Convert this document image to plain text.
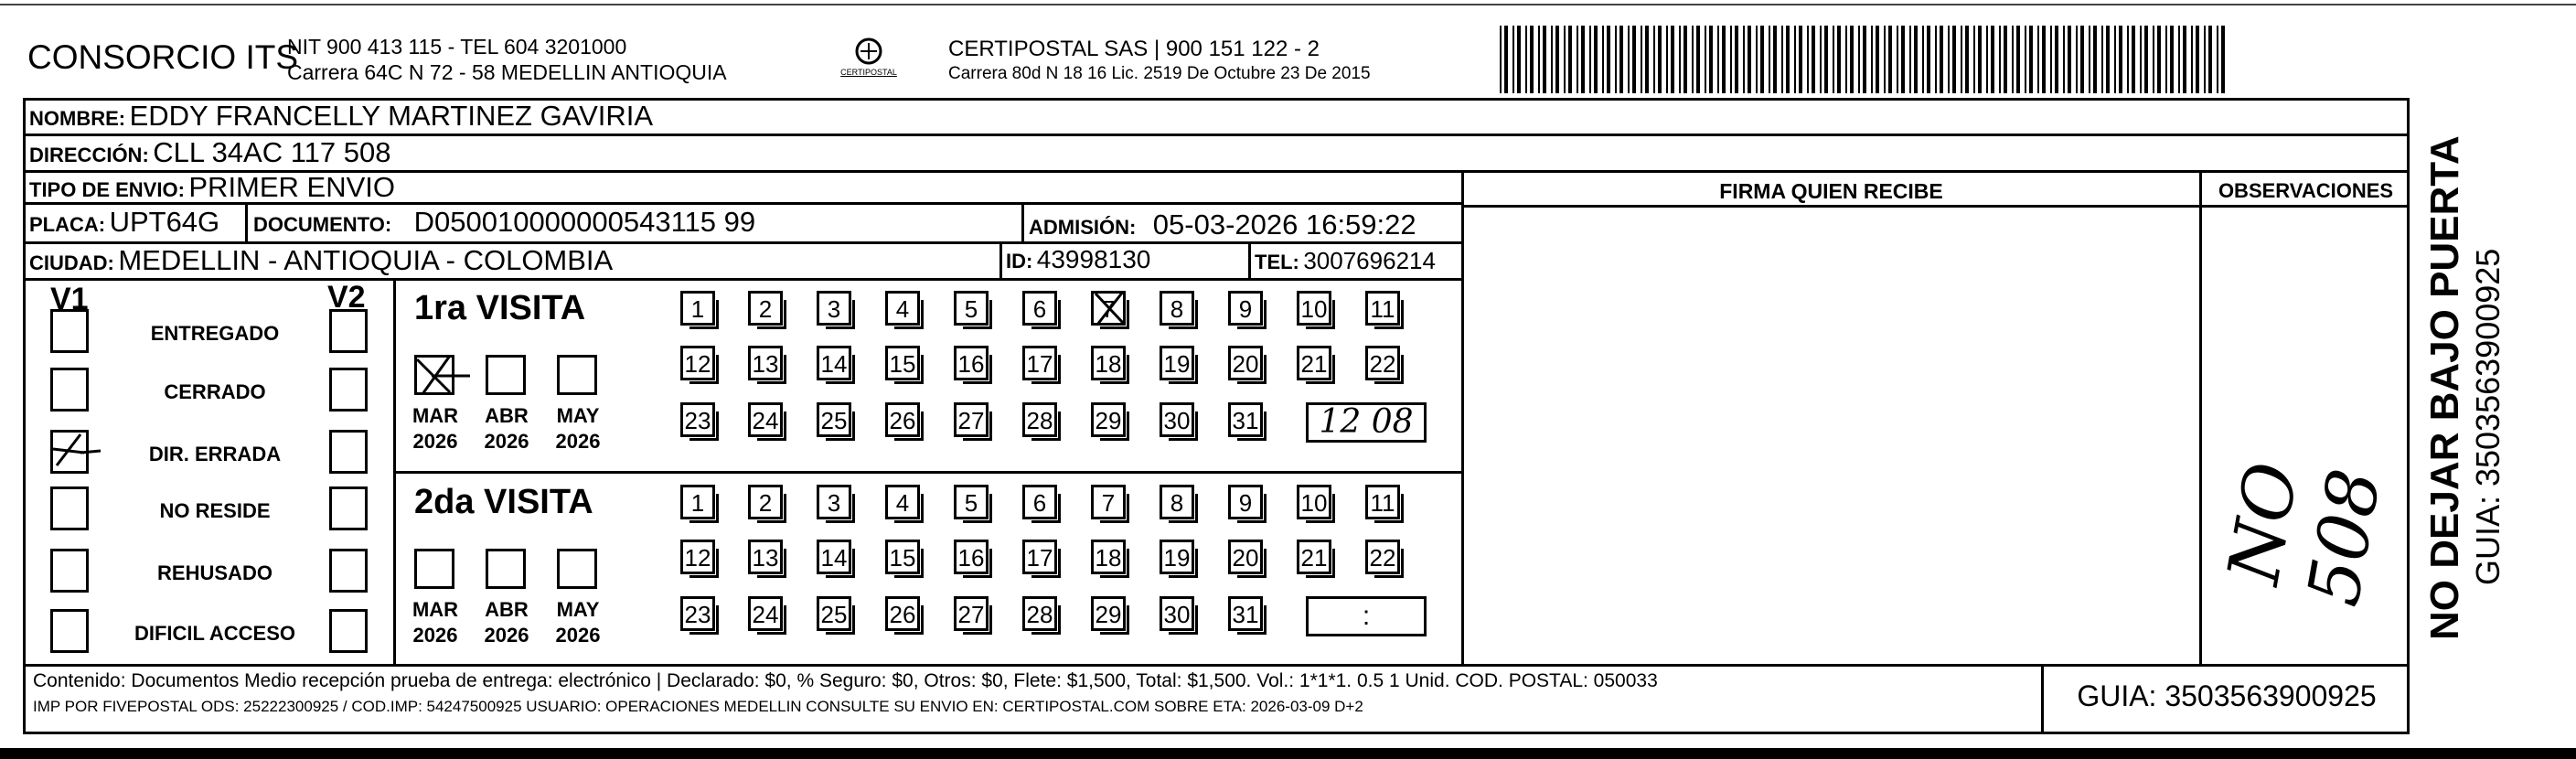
CONSORCIO ITS
NIT 900 413 115 - TEL 604 3201000
Carrera 64C N 72 - 58 MEDELLIN ANTIOQUIA	CERTIPOSTAL
CERTIPOSTAL SAS | 900 151 122 - 2
Carrera 80d N 18 16 Lic. 2519 De Octubre 23 De 2015
NOMBRE: EDDY FRANCELLY MARTINEZ GAVIRIA
DIRECCIÓN: CLL 34AC 117 508
TIPO DE ENVIO: PRIMER ENVIO
PLACA: UPT64G DOCUMENTO: D050010000000543115 99	ADMISIÓN: 05-03-2026 16:59:22
CIUDAD: MEDELLIN - ANTIOQUIA - COLOMBIA	ID: 43998130	TEL: 3007696214
FIRMA QUIEN RECIBE	OBSERVACIONES
V1	V2
ENTREGADO
CERRADO
DIR. ERRADA
NO RESIDE
REHUSADO
DIFICIL ACCESO
1ra VISITA
MAR
2026
ABR
2026
MAY
2026
1	2	3	4	5	6	7	8	9	10 11
12 13 14 15 16 17 18 19 20 21 22
23 24 25 26 27 28 29 30 31	12 08
2da VISITA
MAR
2026
ABR
2026
MAY
2026
1	2	3	4	5	6	7	8	9	10 11
12 13 14 15 16 17 18 19 20 21 22
23 24 25 26 27 28 29 30 31	:
NO 508
Contenido: Documentos Medio recepción prueba de entrega: electrónico | Declarado: $0, % Seguro: $0, Otros: $0, Flete: $1,500, Total: $1,500. Vol.: 1*1*1. 0.5 1 Unid. COD. POSTAL: 050033
IMP POR FIVEPOSTAL ODS: 25222300925 / COD.IMP: 54247500925 USUARIO: OPERACIONES MEDELLIN CONSULTE SU ENVIO EN: CERTIPOSTAL.COM SOBRE ETA: 2026-03-09 D+2	GUIA: 3503563900925
NO DEJAR BAJO PUERTA GUIA: 3503563900925
